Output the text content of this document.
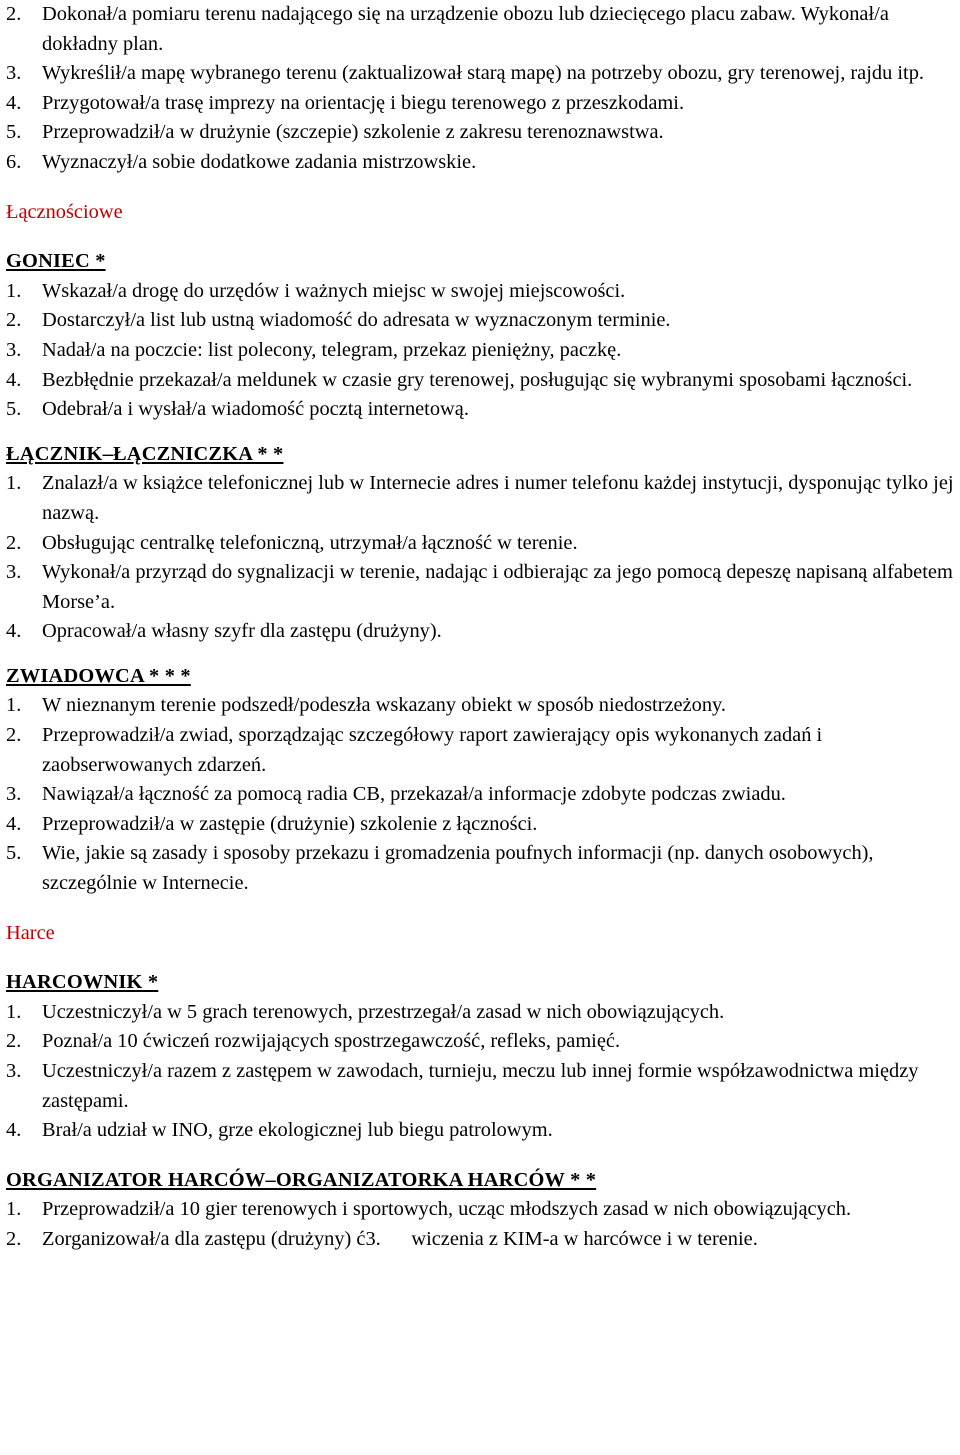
2. Dokonał/a pomiaru terenu nadającego się na urządzenie obozu lub dziecięcego placu zabaw. Wykonał/a dokładny plan.
3. Wykreślił/a mapę wybranego terenu (zaktualizował starą mapę) na potrzeby obozu, gry terenowej, rajdu itp.
4. Przygotował/a trasę imprezy na orientację i biegu terenowego z przeszkodami.
5. Przeprowadził/a w drużynie (szczepie) szkolenie z zakresu terenoznawstwa.
6. Wyznaczył/a sobie dodatkowe zadania mistrzowskie.
Łącznościowe
GONIEC *
1. Wskazał/a drogę do urzędów i ważnych miejsc w swojej miejscowości.
2. Dostarczył/a list lub ustną wiadomość do adresata w wyznaczonym terminie.
3. Nadał/a na poczcie: list polecony, telegram, przekaz pieniężny, paczkę.
4. Bezbłędnie przekazał/a meldunek w czasie gry terenowej, posługując się wybranymi sposobami łączności.
5. Odebrał/a i wysłał/a wiadomość pocztą internetową.
ŁĄCZNIK–ŁĄCZNICZKA * *
1. Znalazł/a w książce telefonicznej lub w Internecie adres i numer telefonu każdej instytucji, dysponując tylko jej nazwą.
2. Obsługując centralkę telefoniczną, utrzymał/a łączność w terenie.
3. Wykonał/a przyrząd do sygnalizacji w terenie, nadając i odbierając za jego pomocą depeszę napisaną alfabetem Morse’a.
4. Opracował/a własny szyfr dla zastępu (drużyny).
ZWIADOWCA * * *
1. W nieznanym terenie podszedł/podeszła wskazany obiekt w sposób niedostrzeżony.
2. Przeprowadził/a zwiad, sporządzając szczegółowy raport zawierający opis wykonanych zadań i zaobserwowanych zdarzeń.
3. Nawiązał/a łączność za pomocą radia CB, przekazał/a informacje zdobyte podczas zwiadu.
4. Przeprowadził/a w zastępie (drużynie) szkolenie z łączności.
5. Wie, jakie są zasady i sposoby przekazu i gromadzenia poufnych informacji (np. danych osobowych), szczególnie w Internecie.
Harce
HARCOWNIK *
1. Uczestniczył/a w 5 grach terenowych, przestrzegał/a zasad w nich obowiązujących.
2. Poznał/a 10 ćwiczeń rozwijających spostrzegawczość, refleks, pamięć.
3. Uczestniczył/a razem z zastępem w zawodach, turnieju, meczu lub innej formie współzawodnictwa między zastępami.
4. Brał/a udział w INO, grze ekologicznej lub biegu patrolowym.
ORGANIZATOR HARCÓW–ORGANIZATORKA HARCÓW * *
1. Przeprowadził/a 10 gier terenowych i sportowych, ucząc młodszych zasad w nich obowiązujących.
2. Zorganizował/a dla zastępu (drużyny) ć3.      wiczenia z KIM-a w harcówce i w terenie.
